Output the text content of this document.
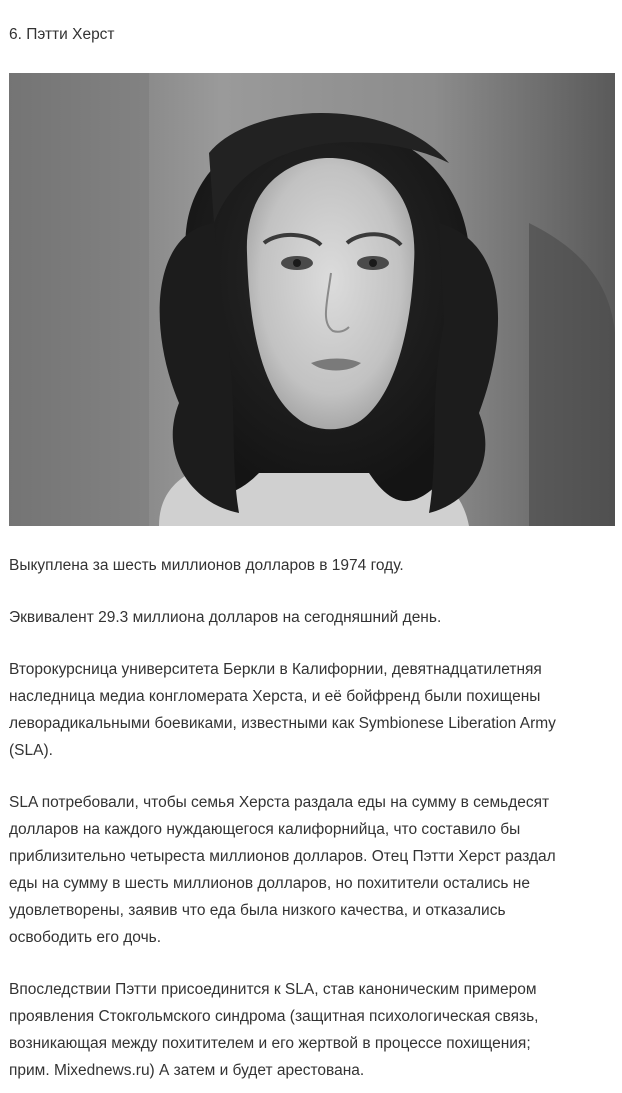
6. Пэтти Херст

Выкуплена за шесть миллионов долларов в 1974 году.

Эквивалент 29.3 миллиона долларов на сегодняшний день.

Второкурсница университета Беркли в Калифорнии, девятнадцатилетняя
наследница медиа конгломерата Херста, и её бойфренд были похищены
леворадикальными боевиками, известными как Symbionese Liberation Army
(SLA).

SLA потребовали, чтобы семья Херста раздала еды на сумму в семьдесят
долларов на каждого нуждающегося калифорнийца, что составило бы
приблизительно четыреста миллионов долларов. Отец Пэтти Херст раздал
еды на сумму в шесть миллионов долларов, но похитители остались не
удовлетворены, заявив что еда была низкого качества, и отказались
освободить его дочь.

Впоследствии Пэтти присоединится к SLA, став каноническим примером
проявления Стокгольмского синдрома (защитная психологическая связь,
возникающая между похитителем и его жертвой в процессе похищения;
прим. Mixednews.ru) А затем и будет арестована.
